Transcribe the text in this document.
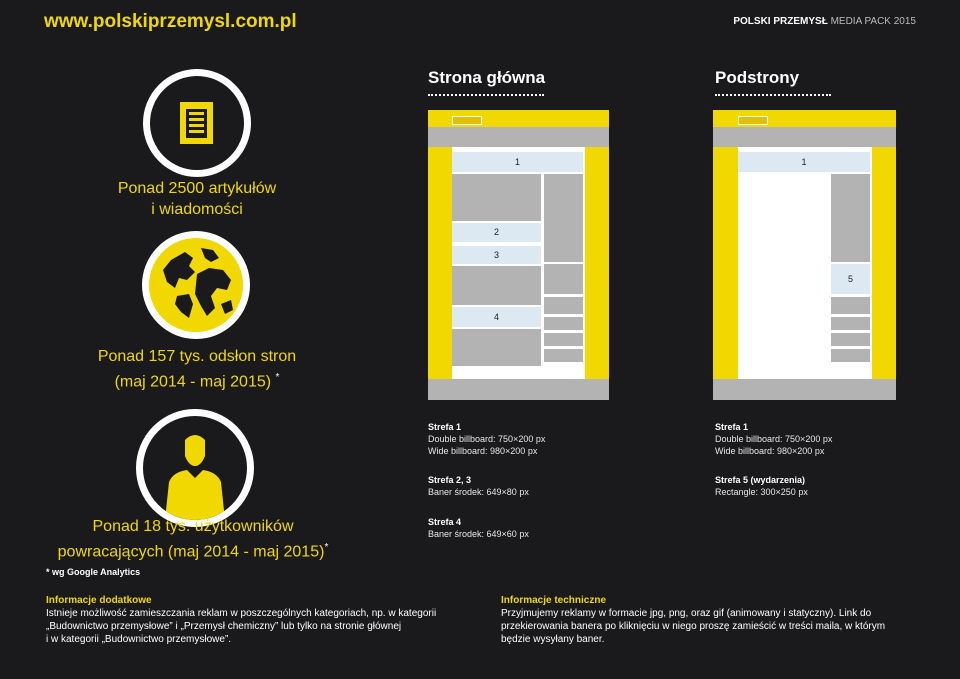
www.polskiprzemysl.com.pl	POLSKI PRZEMYSŁ MEDIA PACK 2015
Ponad 2500 artykułów
i wiadomości
Ponad 157 tys. odsłon stron
(maj 2014 - maj 2015) *
Ponad 18 tys. użytkowników
powracających (maj 2014 - maj 2015)*
* wg Google Analytics
Strona główna	Podstrony
1
2
3
4
1
5
Strefa 1
Double billboard: 750×200 px
Wide billboard: 980×200 px
Strefa 2, 3
Baner środek: 649×80 px
Strefa 4
Baner środek: 649×60 px
Strefa 1
Double billboard: 750×200 px
Wide billboard: 980×200 px
Strefa 5 (wydarzenia)
Rectangle: 300×250 px
Informacje dodatkowe
Istnieje możliwość zamieszczania reklam w poszczególnych kategoriach, np. w kategorii
„Budownictwo przemysłowe” i „Przemysł chemiczny” lub tylko na stronie głównej
i w kategorii „Budownictwo przemysłowe”.
Informacje techniczne
Przyjmujemy reklamy w formacie jpg, png, oraz gif (animowany i statyczny). Link do
przekierowania banera po kliknięciu w niego proszę zamieścić w treści maila, w którym
będzie wysyłany baner.
